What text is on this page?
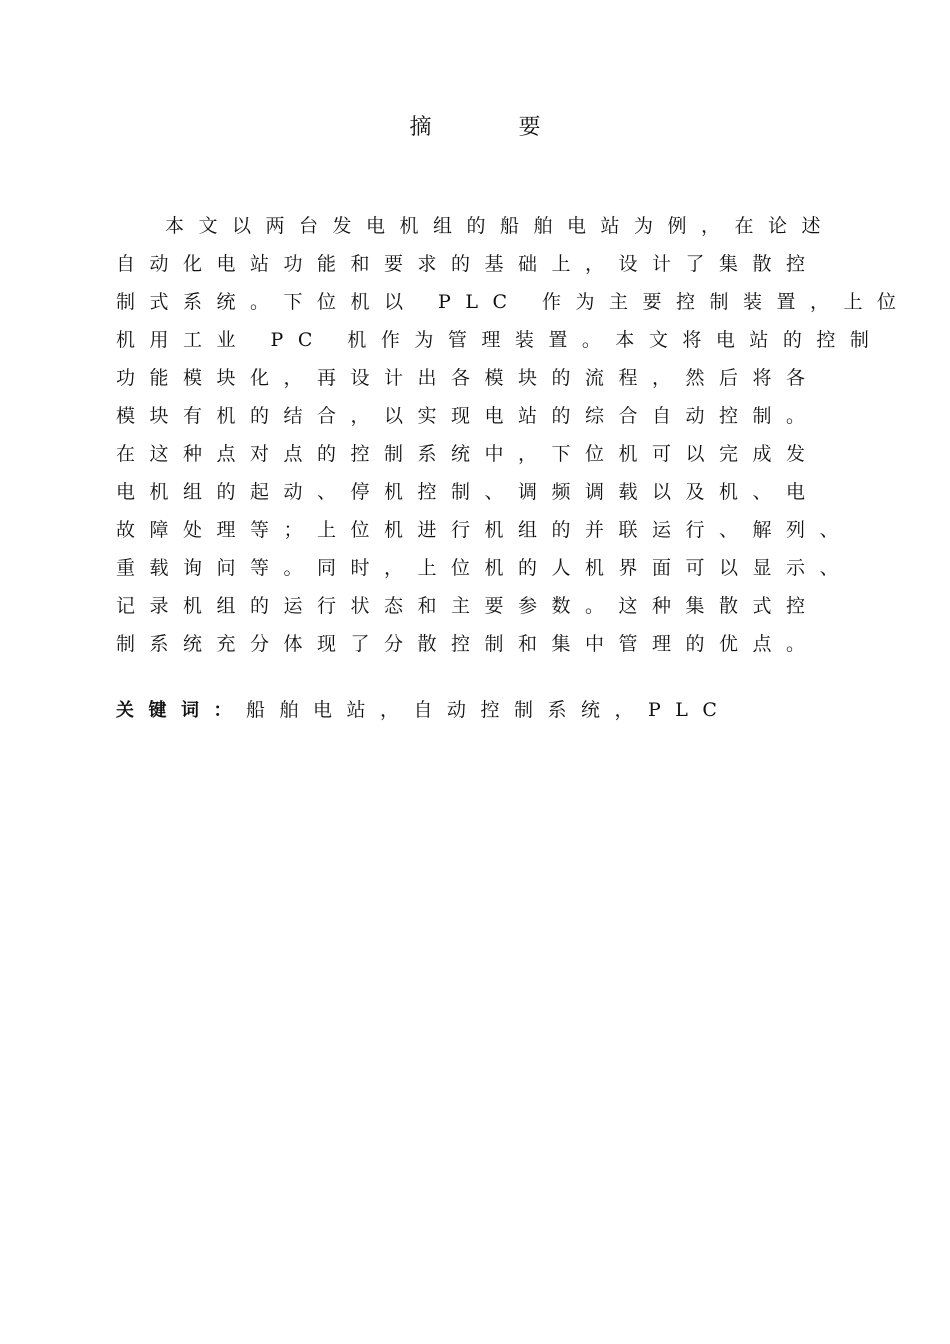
摘 要
本文以两台发电机组的船舶电站为例，在论述
自动化电站功能和要求的基础上，设计了集散控
制式系统。下位机以 PLC 作为主要控制装置，上位
机用工业 PC 机作为管理装置。本文将电站的控制
功能模块化，再设计出各模块的流程，然后将各
模块有机的结合，以实现电站的综合自动控制。
在这种点对点的控制系统中，下位机可以完成发
电机组的起动、停机控制、调频调载以及机、电
故障处理等；上位机进行机组的并联运行、解列、
重载询问等。同时，上位机的人机界面可以显示、
记录机组的运行状态和主要参数。这种集散式控
制系统充分体现了分散控制和集中管理的优点。
关键词：船舶电站，自动控制系统，PLC
